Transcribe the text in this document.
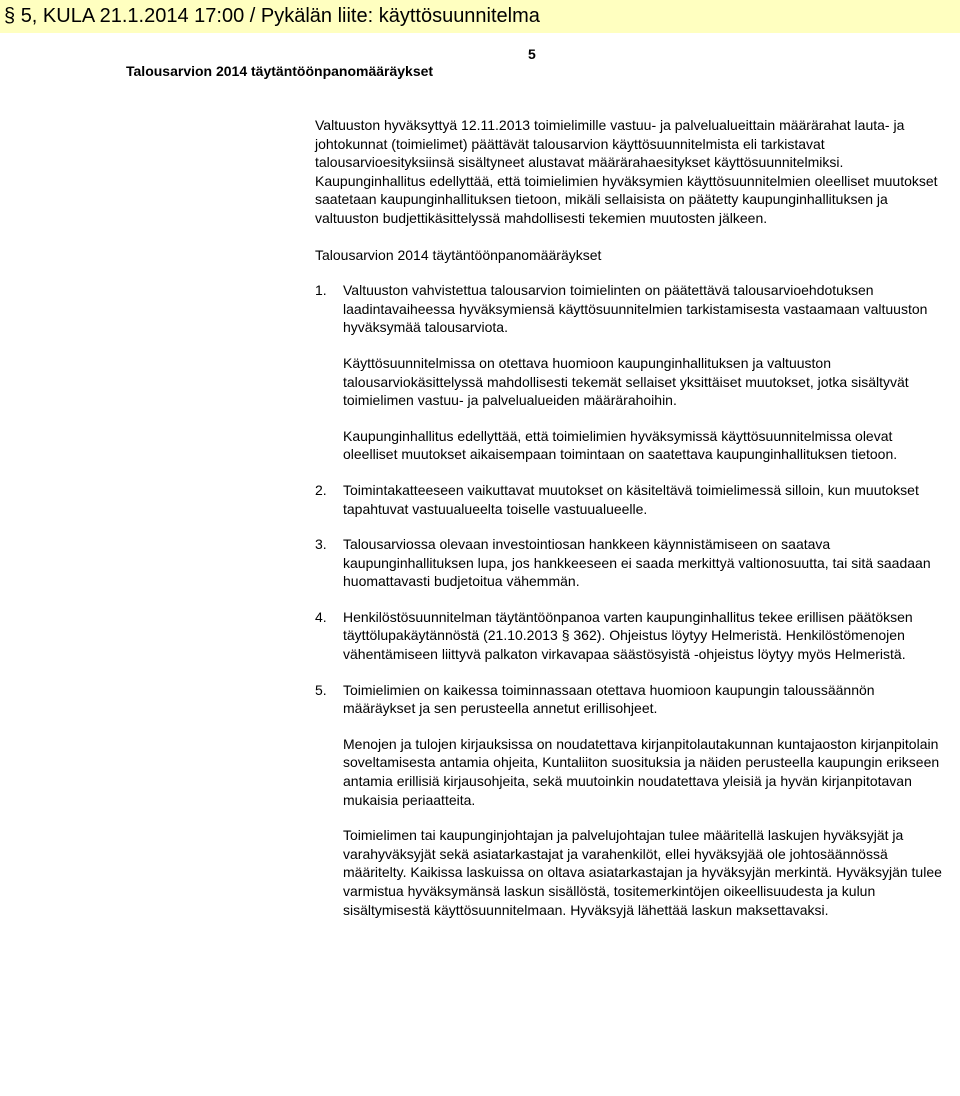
§ 5, KULA 21.1.2014 17:00 / Pykälän liite: käyttösuunnitelma
Talousarvion 2014 täytäntöönpanomääräykset
5

Valtuuston hyväksyttyä 12.11.2013 toimielimille vastuu- ja palvelualueittain määrärahat lauta- ja johtokunnat (toimielimet) päättävät talousarvion käyttösuunnitelmista eli tarkistavat talousarvioesityksiinsä sisältyneet alustavat määrärahaesitykset käyttösuunnitelmiksi. Kaupunginhallitus edellyttää, että toimielimien hyväksymien käyttösuunnitelmien oleelliset muutokset saatetaan kaupunginhallituksen tietoon, mikäli sellaisista on päätetty kaupunginhallituksen ja valtuuston budjettikäsittelyssä mahdollisesti tekemien muutosten jälkeen.

Talousarvion 2014 täytäntöönpanomääräykset

1.	Valtuuston vahvistettua talousarvion toimielinten on päätettävä talousarvioehdotuksen laadintavaiheessa hyväksymiensä käyttösuunnitelmien tarkistamisesta vastaamaan valtuuston hyväksymää talousarviota.

Käyttösuunnitelmissa on otettava huomioon kaupunginhallituksen ja valtuuston talousarviokäsittelyssä mahdollisesti tekemät sellaiset yksittäiset muutokset, jotka sisältyvät toimielimen vastuu- ja palvelualueiden määrärahoihin.

Kaupunginhallitus edellyttää, että toimielimien hyväksymissä käyttösuunnitelmissa olevat oleelliset muutokset aikaisempaan toimintaan on saatettava kaupunginhallituksen tietoon.

2.	Toimintakatteeseen vaikuttavat muutokset on käsiteltävä toimielimessä silloin, kun muutokset tapahtuvat vastuualueelta toiselle vastuualueelle.

3.	Talousarviossa olevaan investointiosan hankkeen käynnistämiseen on saatava kaupunginhallituksen lupa, jos hankkeeseen ei saada merkittyä valtionosuutta, tai sitä saadaan huomattavasti budjetoitua vähemmän.

4.	Henkilöstösuunnitelman täytäntöönpanoa varten kaupunginhallitus tekee erillisen päätöksen täyttölupakäytännöstä (21.10.2013 § 362). Ohjeistus löytyy Helmeristä. Henkilöstömenojen vähentämiseen liittyvä palkaton virkavapaa säästösyistä -ohjeistus löytyy myös Helmeristä.

5.	Toimielimien on kaikessa toiminnassaan otettava huomioon kaupungin taloussäännön määräykset ja sen perusteella annetut erillisohjeet.

Menojen ja tulojen kirjauksissa on noudatettava kirjanpitolautakunnan kuntajaoston kirjanpitolain soveltamisesta antamia ohjeita, Kuntaliiton suosituksia ja näiden perusteella kaupungin erikseen antamia erillisiä kirjausohjeita, sekä muutoinkin noudatettava yleisiä ja hyvän kirjanpitotavan mukaisia periaatteita.

Toimielimen tai kaupunginjohtajan ja palvelujohtajan tulee määritellä laskujen hyväksyjät ja varahyväksyjät sekä asiatarkastajat ja varahenkilöt, ellei hyväksyjää ole johtosäännössä määritelty. Kaikissa laskuissa on oltava asiatarkastajan ja hyväksyjän merkintä. Hyväksyjän tulee varmistua hyväksymänsä laskun sisällöstä, tositemerkintöjen oikeellisuudesta ja kulun sisältymisestä käyttösuunnitelmaan. Hyväksyjä lähettää laskun maksettavaksi.
